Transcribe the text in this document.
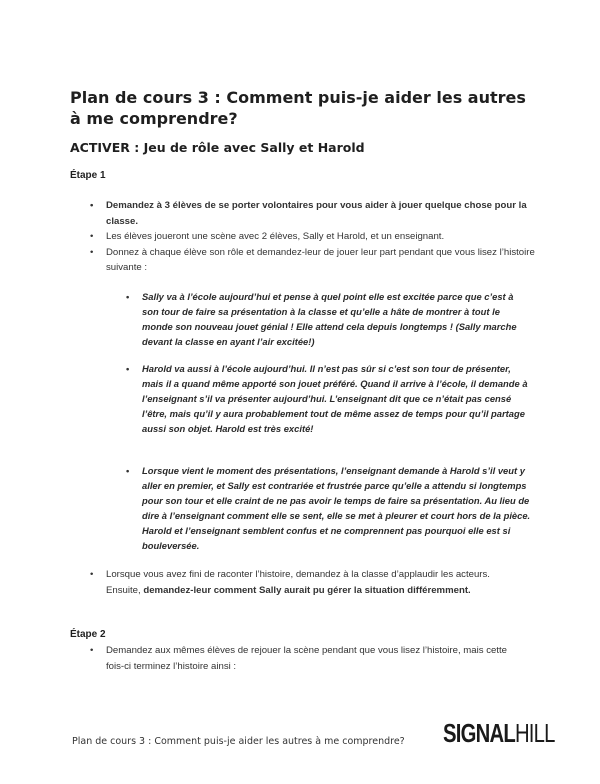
Plan de cours 3 : Comment puis-je aider les autres à me comprendre?
ACTIVER : Jeu de rôle avec Sally et Harold

Étape 1

• Demandez à 3 élèves de se porter volontaires pour vous aider à jouer quelque chose pour la classe.
• Les élèves joueront une scène avec 2 élèves, Sally et Harold, et un enseignant.
• Donnez à chaque élève son rôle et demandez-leur de jouer leur part pendant que vous lisez l’histoire suivante :
• Sally va à l’école aujourd’hui et pense à quel point elle est excitée parce que c’est à son tour de faire sa présentation à la classe et qu’elle a hâte de montrer à tout le monde son nouveau jouet génial ! Elle attend cela depuis longtemps ! (Sally marche devant la classe en ayant l’air excitée!)
• Harold va aussi à l’école aujourd’hui. Il n’est pas sûr si c’est son tour de présenter, mais il a quand même apporté son jouet préféré. Quand il arrive à l’école, il demande à l’enseignant s’il va présenter aujourd’hui. L’enseignant dit que ce n’était pas censé l’être, mais qu’il y aura probablement tout de même assez de temps pour qu’il partage aussi son objet. Harold est très excité!
• Lorsque vient le moment des présentations, l’enseignant demande à Harold s’il veut y aller en premier, et Sally est contrariée et frustrée parce qu’elle a attendu si longtemps pour son tour et elle craint de ne pas avoir le temps de faire sa présentation. Au lieu de dire à l’enseignant comment elle se sent, elle se met à pleurer et court hors de la pièce. Harold et l’enseignant semblent confus et ne comprennent pas pourquoi elle est si bouleversée.
• Lorsque vous avez fini de raconter l’histoire, demandez à la classe d’applaudir les acteurs. Ensuite, demandez-leur comment Sally aurait pu gérer la situation différemment.

Étape 2

• Demandez aux mêmes élèves de rejouer la scène pendant que vous lisez l’histoire, mais cette fois-ci terminez l’histoire ainsi :
Plan de cours 3 : Comment puis-je aider les autres à me comprendre? SIGNALHILL
